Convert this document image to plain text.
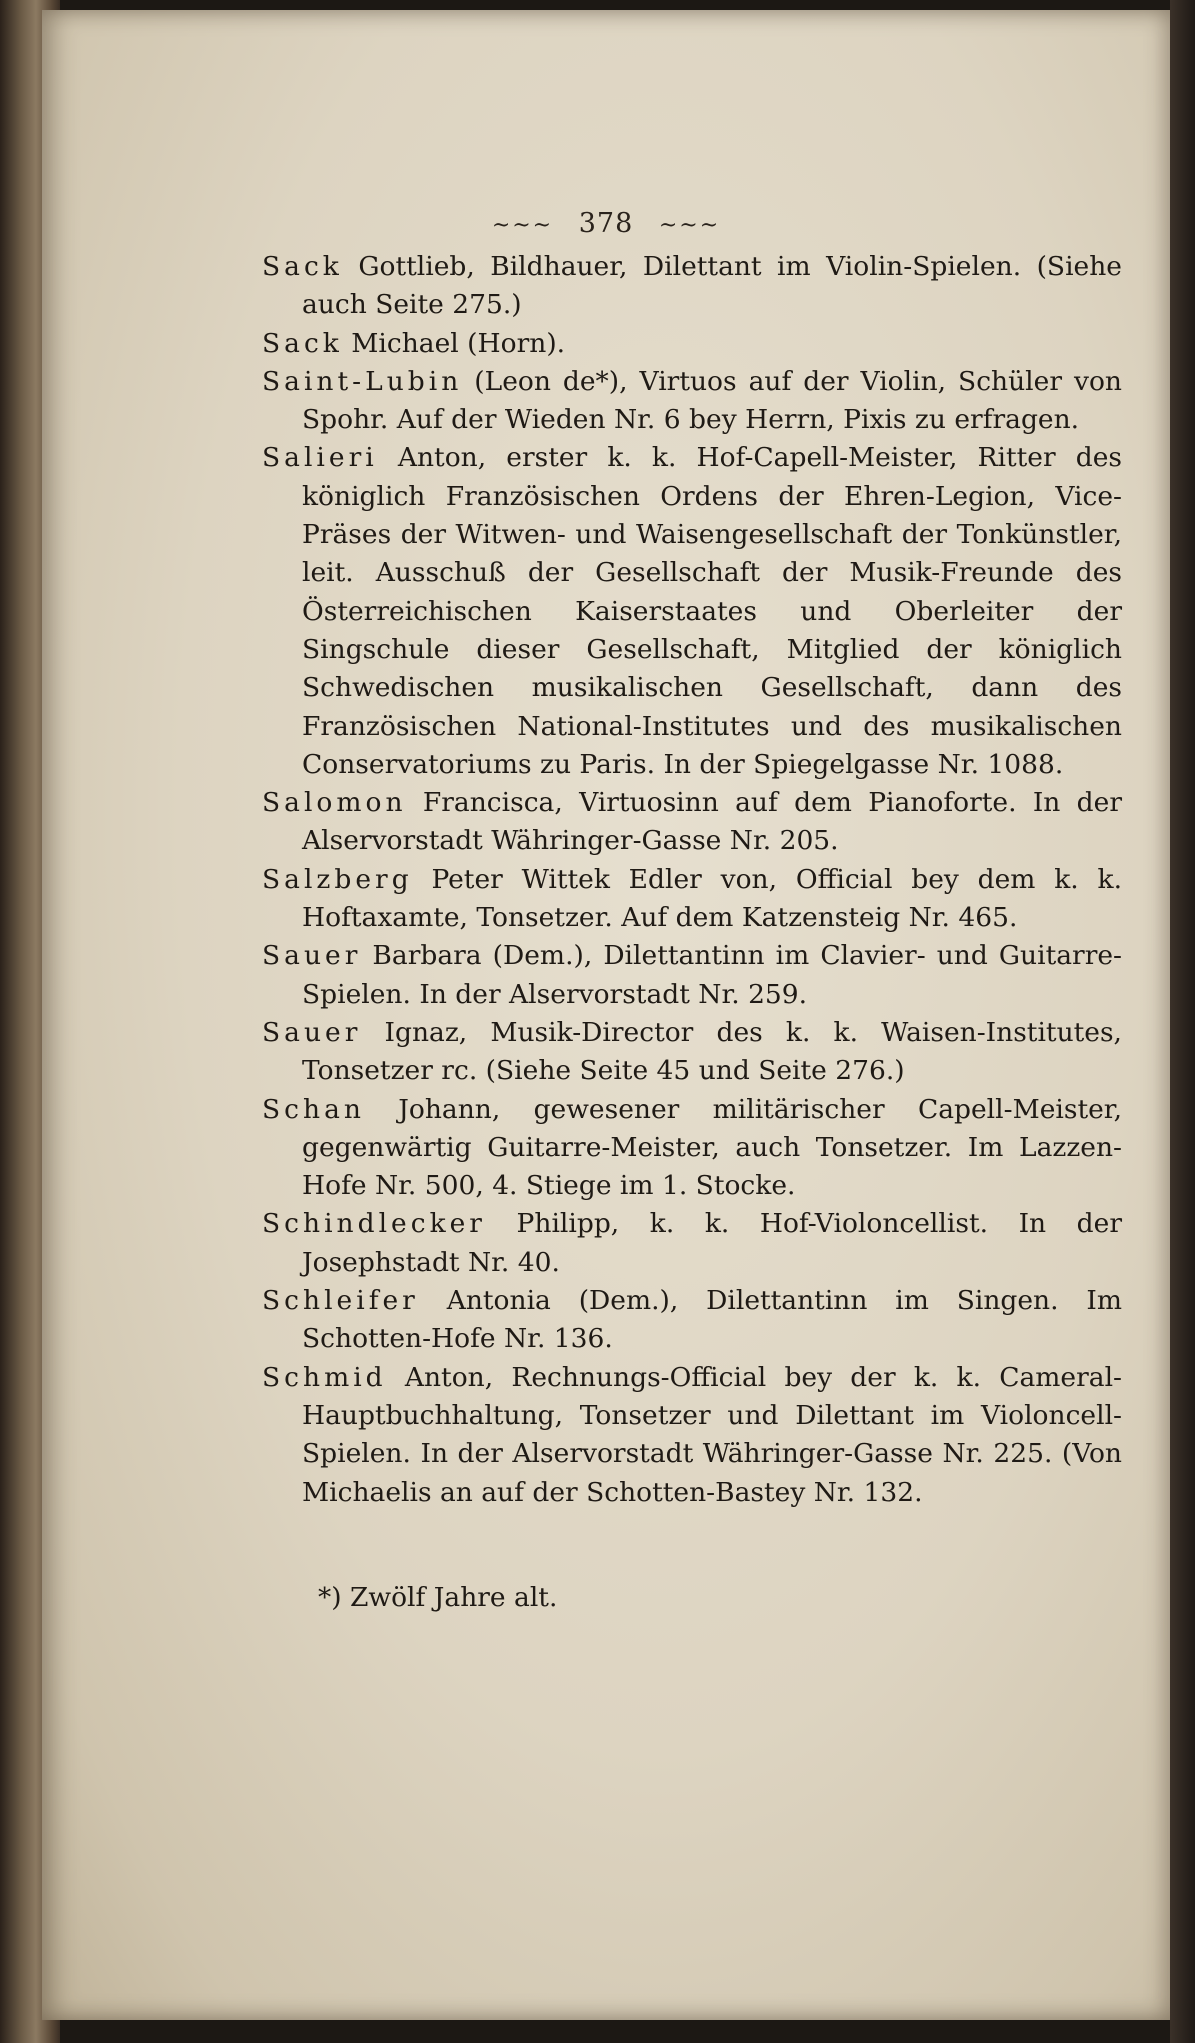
~~~ 378 ~~~
Sack Gottlieb, Bildhauer, Dilettant im Violin-Spielen. (Siehe auch Seite 275.)
Sack Michael (Horn).
Saint-Lubin (Leon de*), Virtuos auf der Violin, Schüler von Spohr. Auf der Wieden Nr. 6 bey Herrn, Pixis zu erfragen.
Salieri Anton, erster k. k. Hof-Capell-Meister, Ritter des königlich Französischen Ordens der Ehren-Legion, Vice-Präses der Witwen- und Waisengesellschaft der Tonkünstler, leit. Ausschuß der Gesellschaft der Musik-Freunde des Österreichischen Kaiserstaates und Oberleiter der Singschule dieser Gesellschaft, Mitglied der königlich Schwedischen musikalischen Gesellschaft, dann des Französischen National-Institutes und des musikalischen Conservatoriums zu Paris. In der Spiegelgasse Nr. 1088.
Salomon Francisca, Virtuosinn auf dem Pianoforte. In der Alservorstadt Währinger-Gasse Nr. 205.
Salzberg Peter Wittek Edler von, Official bey dem k. k. Hoftaxamte, Tonsetzer. Auf dem Katzensteig Nr. 465.
Sauer Barbara (Dem.), Dilettantinn im Clavier- und Guitarre-Spielen. In der Alservorstadt Nr. 259.
Sauer Ignaz, Musik-Director des k. k. Waisen-Institutes, Tonsetzer rc. (Siehe Seite 45 und Seite 276.)
Schan Johann, gewesener militärischer Capell-Meister, gegenwärtig Guitarre-Meister, auch Tonsetzer. Im Lazzen-Hofe Nr. 500, 4. Stiege im 1. Stocke.
Schindlecker Philipp, k. k. Hof-Violoncellist. In der Josephstadt Nr. 40.
Schleifer Antonia (Dem.), Dilettantinn im Singen. Im Schotten-Hofe Nr. 136.
Schmid Anton, Rechnungs-Official bey der k. k. Cameral-Hauptbuchhaltung, Tonsetzer und Dilettant im Violoncell-Spielen. In der Alservorstadt Währinger-Gasse Nr. 225. (Von Michaelis an auf der Schotten-Bastey Nr. 132.
*) Zwölf Jahre alt.
